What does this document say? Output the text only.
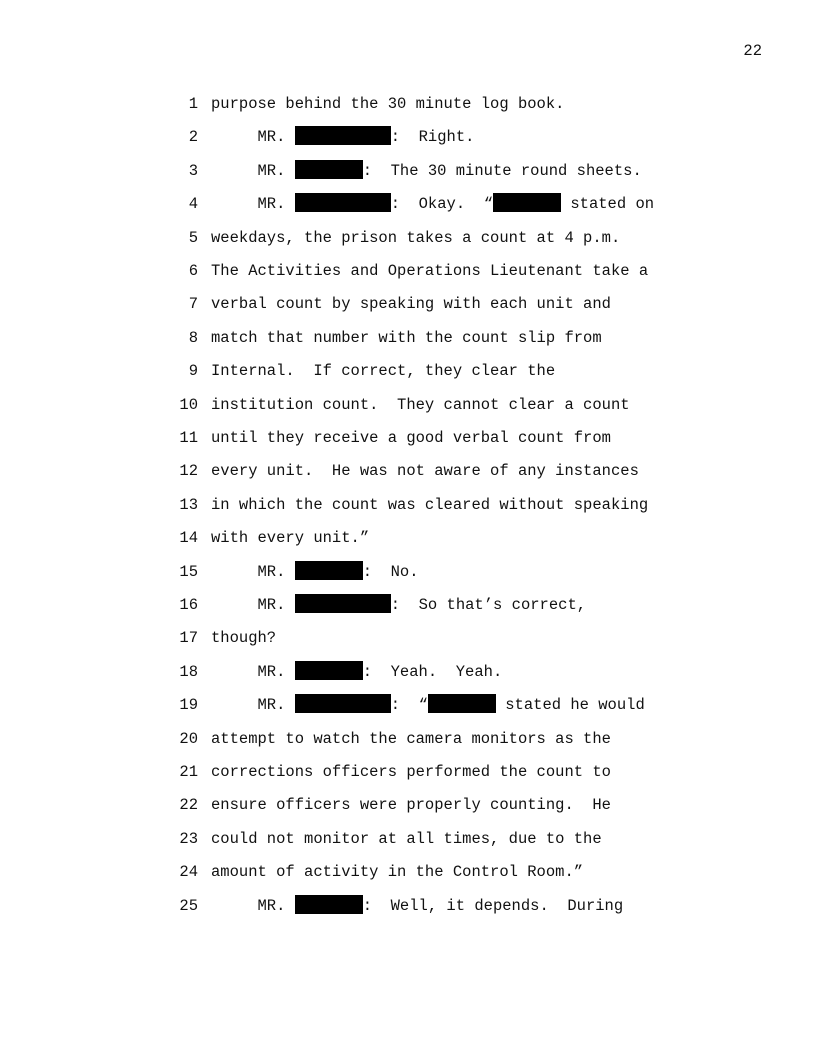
22
1 purpose behind the 30 minute log book.
2 MR.	:  Right.
3 MR.	:  The 30 minute round sheets.
4 MR.	:  Okay.  “	stated on
5 weekdays, the prison takes a count at 4 p.m.
6 The Activities and Operations Lieutenant take a
7 verbal count by speaking with each unit and
8 match that number with the count slip from
9 Internal.  If correct, they clear the
10 institution count.  They cannot clear a count
11 until they receive a good verbal count from
12 every unit.  He was not aware of any instances
13 in which the count was cleared without speaking
14 with every unit.”
15 MR.	:  No.
16 MR.	:  So that’s correct,
17 though?
18 MR.	:  Yeah.  Yeah.
19 MR.	:  “	stated he would
20 attempt to watch the camera monitors as the
21 corrections officers performed the count to
22 ensure officers were properly counting.  He
23 could not monitor at all times, due to the
24 amount of activity in the Control Room.”
25 MR.	:  Well, it depends.  During
